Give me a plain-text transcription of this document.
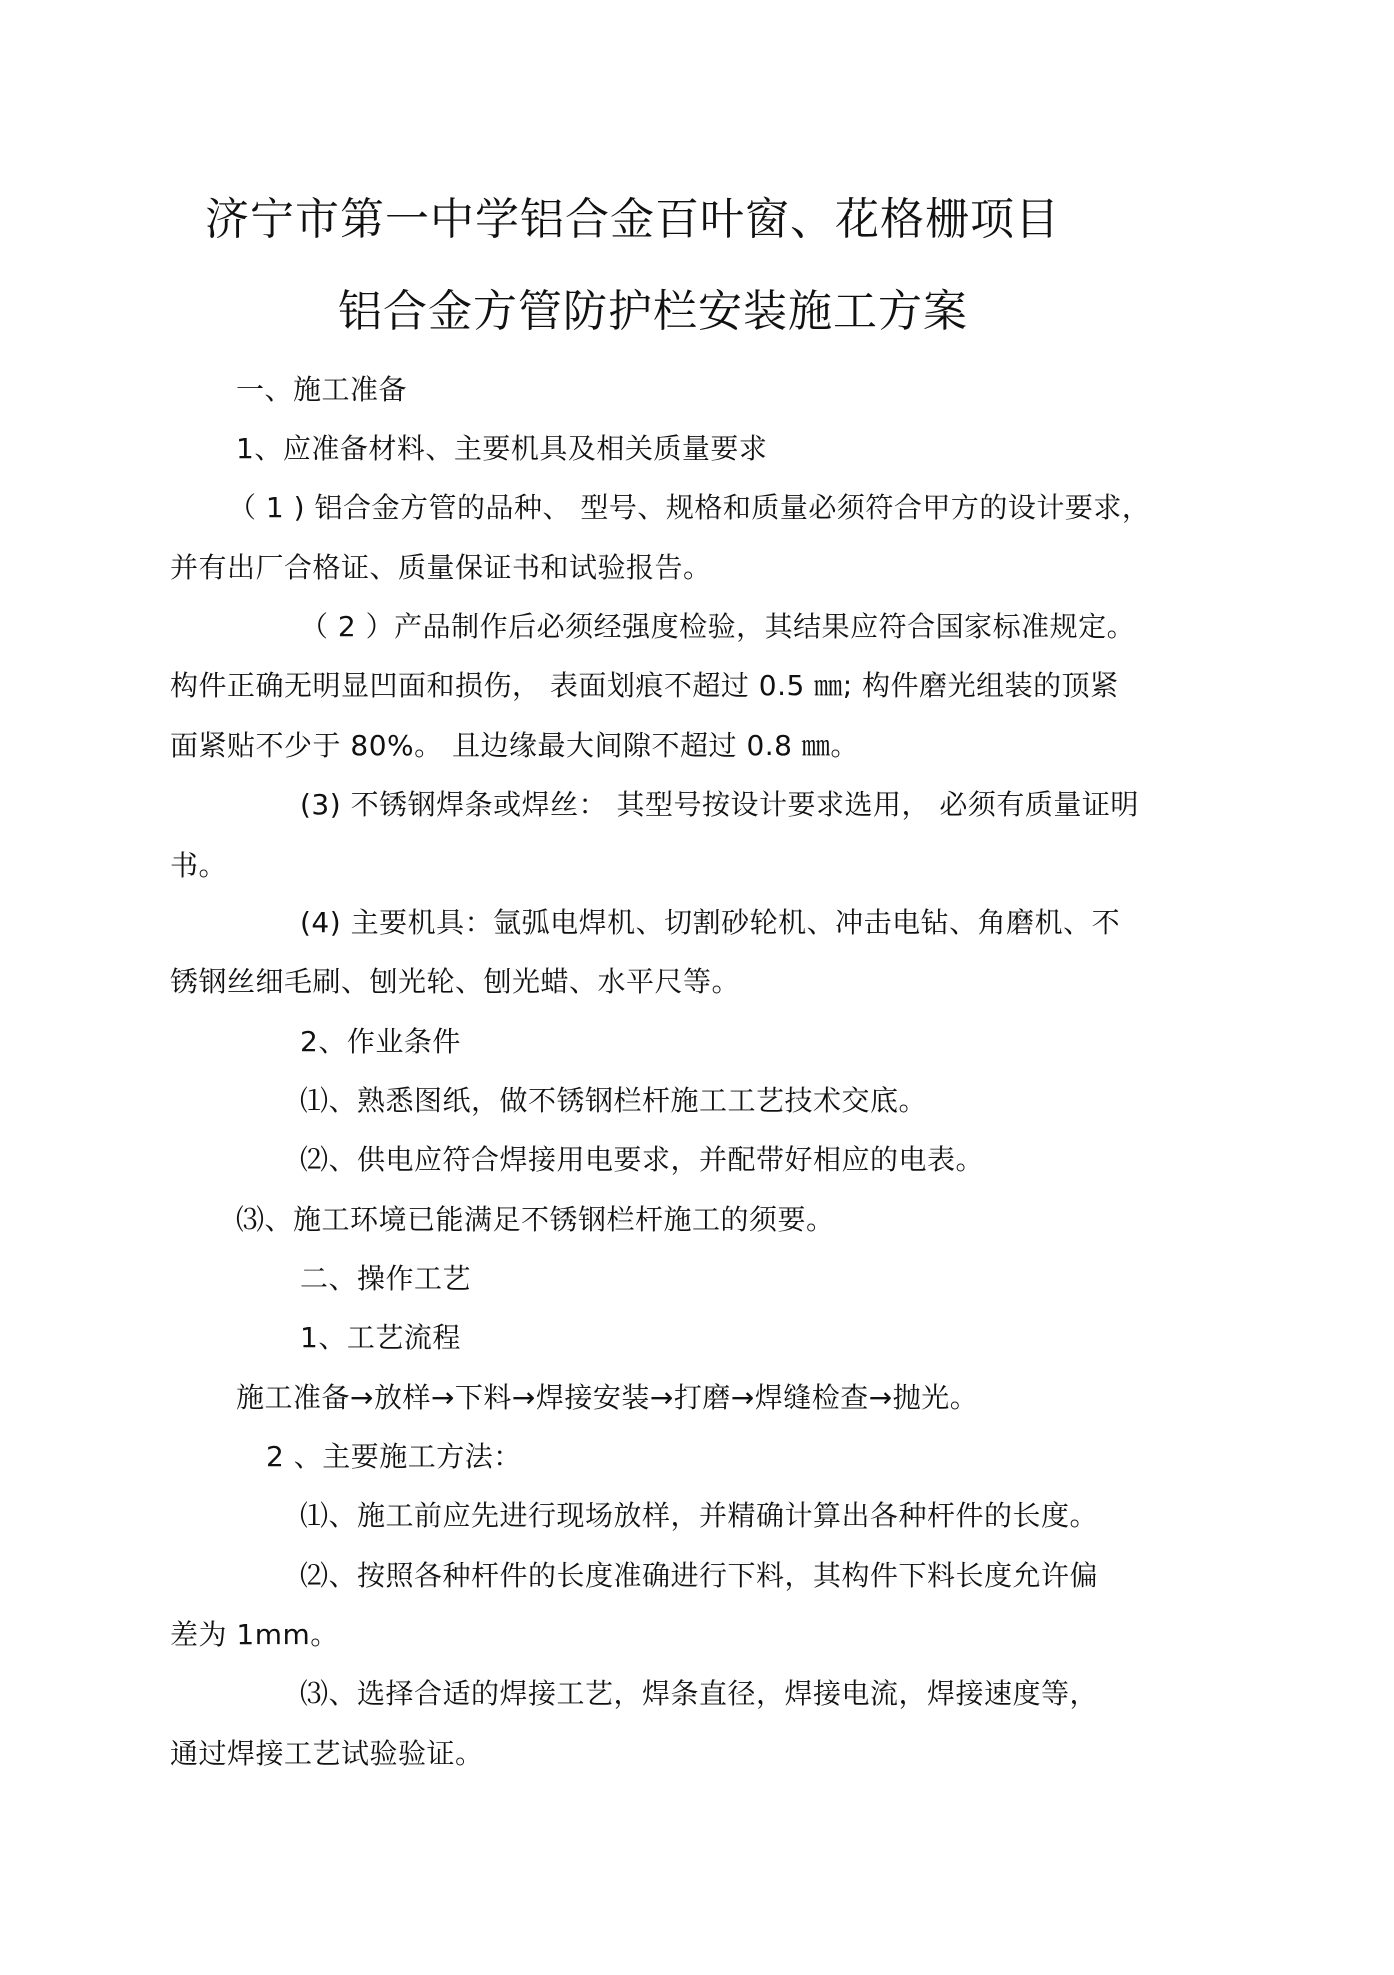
济宁市第一中学铝合金百叶窗、花格栅项目
铝合金方管防护栏安装施工方案
一、施工准备
1、应准备材料、主要机具及相关质量要求
（ 1 ) 铝合金方管的品种、 型号、规格和质量必须符合甲方的设计要求，
并有出厂合格证、质量保证书和试验报告。
（ 2 ）产品制作后必须经强度检验，其结果应符合国家标准规定。
构件正确无明显凹面和损伤， 表面划痕不超过 0.5 ㎜; 构件磨光组装的顶紧
面紧贴不少于 80%。 且边缘最大间隙不超过 0.8 ㎜。
(3) 不锈钢焊条或焊丝： 其型号按设计要求选用， 必须有质量证明
书。
(4) 主要机具：氩弧电焊机、切割砂轮机、冲击电钻、角磨机、不
锈钢丝细毛刷、刨光轮、刨光蜡、水平尺等。
2、作业条件
⑴、熟悉图纸，做不锈钢栏杆施工工艺技术交底。
⑵、供电应符合焊接用电要求，并配带好相应的电表。
⑶、施工环境已能满足不锈钢栏杆施工的须要。
二、操作工艺
1、工艺流程
施工准备→放样→下料→焊接安装→打磨→焊缝检查→抛光。
2 、主要施工方法：
⑴、施工前应先进行现场放样，并精确计算出各种杆件的长度。
⑵、按照各种杆件的长度准确进行下料，其构件下料长度允许偏
差为 1mm。
⑶、选择合适的焊接工艺，焊条直径，焊接电流，焊接速度等，
通过焊接工艺试验验证。
